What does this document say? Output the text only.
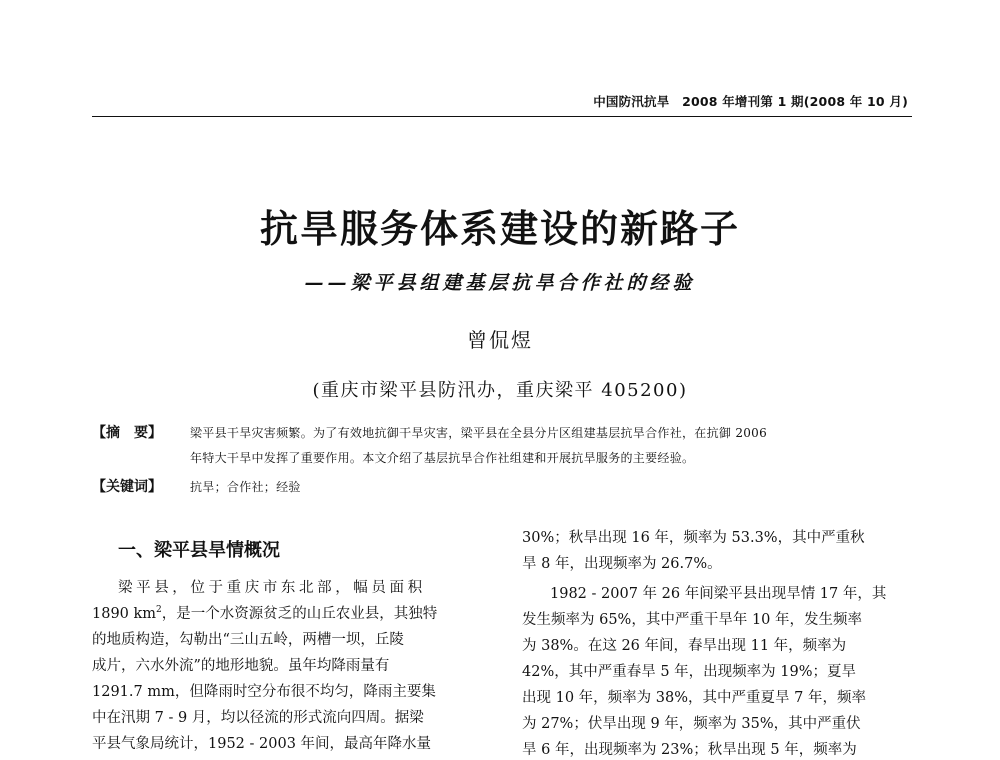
中国防汛抗旱　2008 年增刊第 1 期(2008 年 10 月)
抗旱服务体系建设的新路子
——梁平县组建基层抗旱合作社的经验
曾侃煜
(重庆市梁平县防汛办，重庆梁平 405200)
【摘　要】 梁平县干旱灾害频繁。为了有效地抗御干旱灾害，梁平县在全县分片区组建基层抗旱合作社，在抗御 2006
年特大干旱中发挥了重要作用。本文介绍了基层抗旱合作社组建和开展抗旱服务的主要经验。
【关键词】 抗旱；合作社；经验
一、梁平县旱情概况
梁平县，位于重庆市东北部，幅员面积
1890 $km^2$，是一个水资源贫乏的山丘农业县，其独特
的地质构造，勾勒出“三山五岭，两槽一坝，丘陵
成片，六水外流”的地形地貌。虽年均降雨量有
1291.7 mm，但降雨时空分布很不均匀，降雨主要集
中在汛期 7 - 9 月，均以径流的形式流向四周。据梁
平县气象局统计，1952 - 2003 年间，最高年降水量
30%；秋旱出现 16 年，频率为 53.3%，其中严重秋
旱 8 年，出现频率为 26.7%。
1982 - 2007 年 26 年间梁平县出现旱情 17 年，其
发生频率为 65%，其中严重干旱年 10 年，发生频率
为 38%。在这 26 年间，春旱出现 11 年，频率为
42%，其中严重春旱 5 年，出现频率为 19%；夏旱
出现 10 年，频率为 38%，其中严重夏旱 7 年，频率
为 27%；伏旱出现 9 年，频率为 35%，其中严重伏
旱 6 年，出现频率为 23%；秋旱出现 5 年，频率为
